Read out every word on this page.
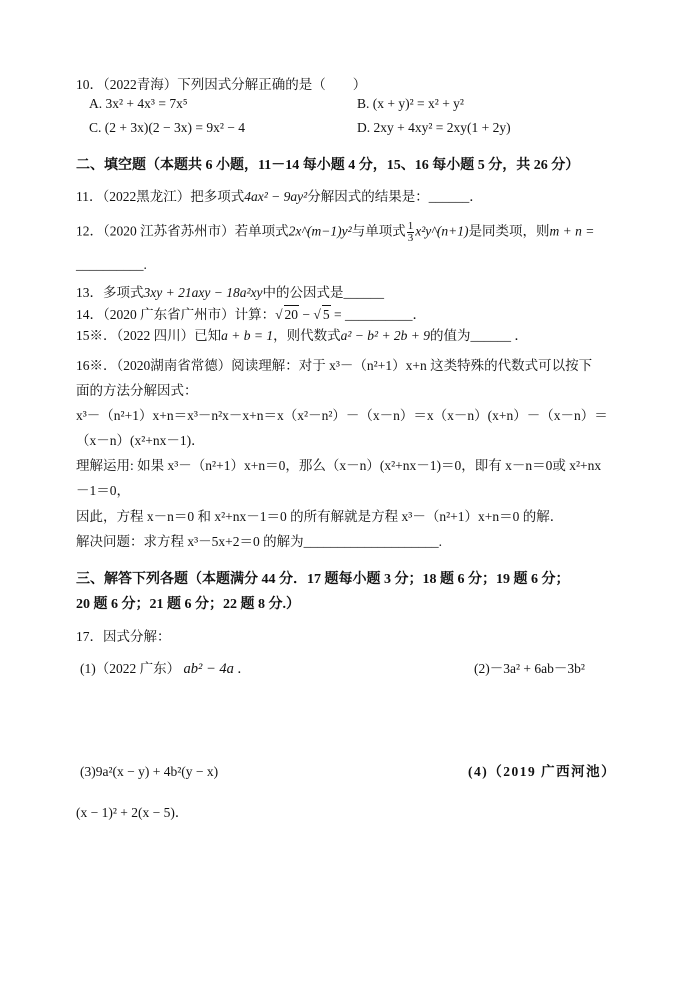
10．（2022青海）下列因式分解正确的是（　　）
A. 3x² + 4x³ = 7x⁵	B. (x + y)² = x² + y²
C. (2 + 3x)(2 − 3x) = 9x² − 4	D. 2xy + 4xy² = 2xy(1 + 2y)
二、填空题（本题共 6 小题，11－14 每小题 4 分，15、16 每小题 5 分，共 26 分）
11．（2022黑龙江）把多项式4ax² − 9ay²分解因式的结果是：______．
12．（2020 江苏省苏州市）若单项式2x^(m−1)y²与单项式 $\frac{1}{3}$ x²y^(n+1)是同类项，则m + n =
__________.
13．多项式3xy + 21axy − 18a²xy中的公因式是______
14．（2020 广东省广州市）计算：√ 20 − √ 5 = __________．
15※．（2022 四川）已知a + b = 1，则代数式a² − b² + 2b + 9的值为______ ．
16※．（2020湖南省常德）阅读理解：对于 x³－（n²+1）x+n 这类特殊的代数式可以按下
面的方法分解因式：
x³－（n²+1）x+n＝x³－n²x－x+n＝x（x²－n²）－（x－n）＝x（x－n）(x+n）－（x－n）＝
（x－n）(x²+nx－1)．
理解运用: 如果 x³－（n²+1）x+n＝0，那么（x－n）(x²+nx－1)＝0，即有 x－n＝0或 x²+nx
－1＝0，
因此，方程 x－n＝0 和 x²+nx－1＝0 的所有解就是方程 x³－（n²+1）x+n＝0 的解．
解决问题：求方程 x³－5x+2＝0 的解为____________________.
三、解答下列各题（本题满分 44 分．17 题每小题 3 分；18 题 6 分；19 题 6 分；
20 题 6 分；21 题 6 分；22 题 8 分.）
17．因式分解：
(1)（2022 广东） ab² − 4a ．	(2)－3a² + 6ab－3b²
(3)9a²(x − y) + 4b²(y − x)	(4)（2019 广西河池）
(x − 1)² + 2(x − 5)．
